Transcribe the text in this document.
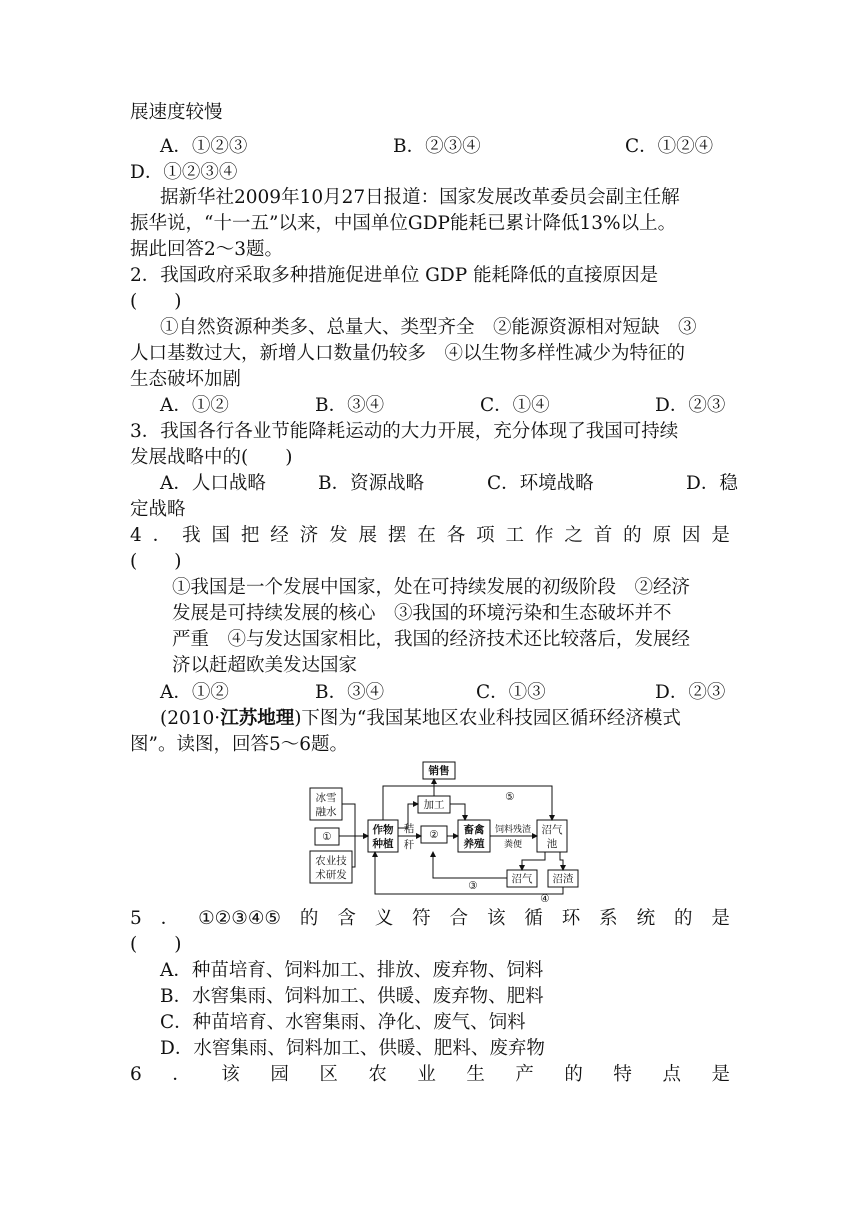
展速度较慢
A．①②③	B．②③④	C．①②④
D．①②③④
据新华社2009年10月27日报道：国家发展改革委员会副主任解
振华说，“十一五”以来，中国单位GDP能耗已累计降低13%以上。
据此回答2～3题。
2．我国政府采取多种措施促进单位 GDP 能耗降低的直接原因是
(　　)
①自然资源种类多、总量大、类型齐全　②能源资源相对短缺　③
人口基数过大，新增人口数量仍较多　④以生物多样性减少为特征的
生态破坏加剧
A．①②	B．③④	C．①④	D．②③
3．我国各行各业节能降耗运动的大力开展，充分体现了我国可持续
发展战略中的(　　)
A．人口战略	B．资源战略	C．环境战略	D．稳
定战略
4 ． 我 国 把 经 济 发 展 摆 在 各 项 工 作 之 首 的 原 因 是
(　　)
①我国是一个发展中国家，处在可持续发展的初级阶段　②经济
发展是可持续发展的核心　③我国的环境污染和生态破坏并不
严重　④与发达国家相比，我国的经济技术还比较落后，发展经
济以赶超欧美发达国家
A．①②	B．③④	C．①③	D．②③
(2010·江苏地理)下图为“我国某地区农业科技园区循环经济模式
图”。读图，回答5～6题。
销售
加工
冰雪
融水
①
农业技
术研发
作物
种植
秸
秆
② 畜禽
养殖
饲料残渣
粪便
沼气
池
沼气 沼渣
⑤
③
④
5 ． ①②③④⑤ 的 含 义 符 合 该 循 环 系 统 的 是
(　　)
A．种苗培育、饲料加工、排放、废弃物、饲料
B．水窖集雨、饲料加工、供暖、废弃物、肥料
C．种苗培育、水窖集雨、净化、废气、饲料
D．水窖集雨、饲料加工、供暖、肥料、废弃物
6 ． 该 园 区 农 业 生 产 的 特 点 是
